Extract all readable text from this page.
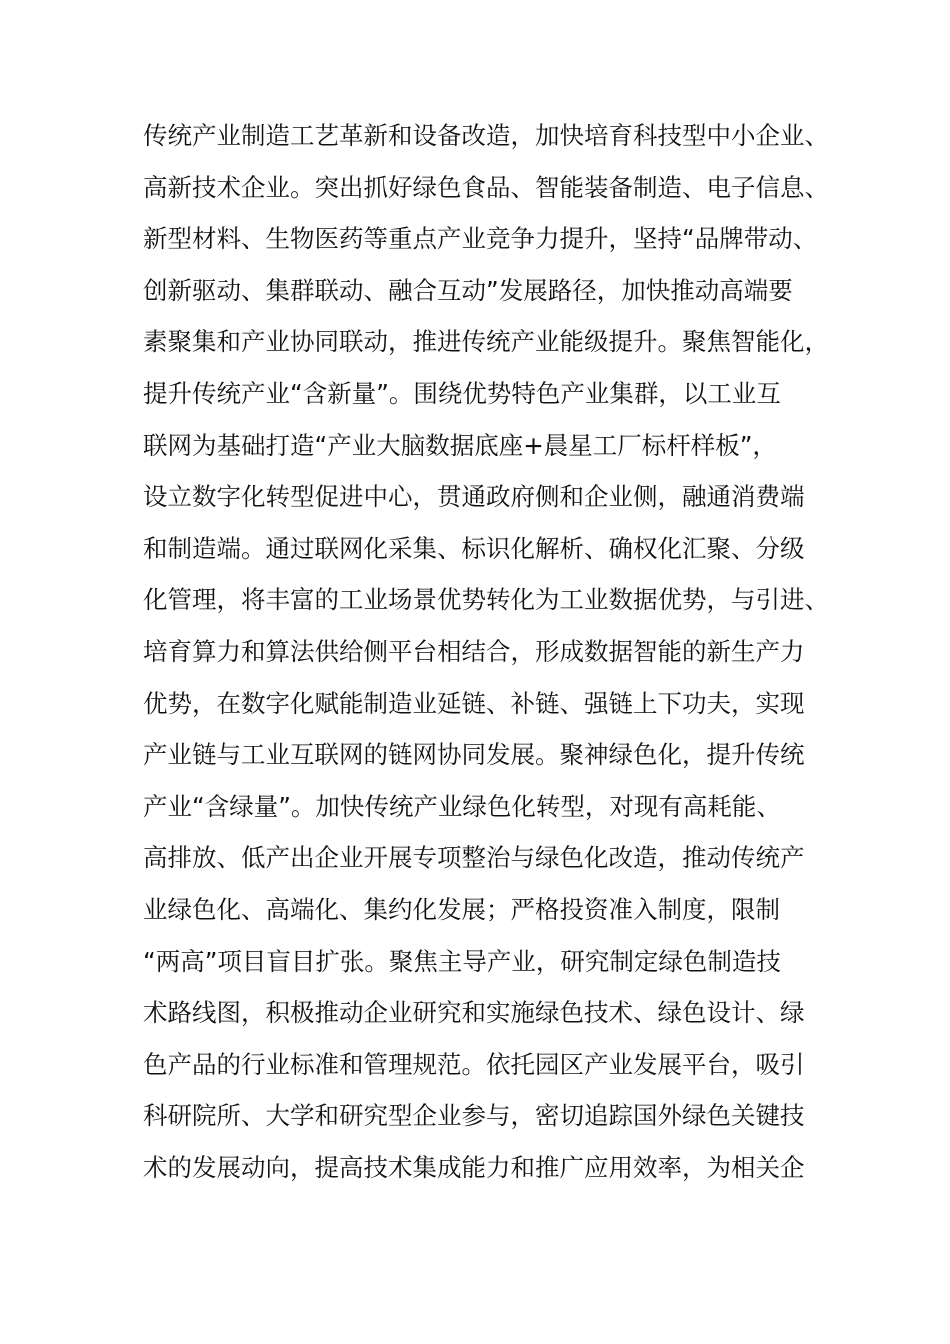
传统产业制造工艺革新和设备改造，加快培育科技型中小企业、
高新技术企业。突出抓好绿色食品、智能装备制造、电子信息、
新型材料、生物医药等重点产业竞争力提升，坚持“品牌带动、
创新驱动、集群联动、融合互动”发展路径，加快推动高端要
素聚集和产业协同联动，推进传统产业能级提升。聚焦智能化，
提升传统产业“含新量”。围绕优势特色产业集群，以工业互
联网为基础打造“产业大脑数据底座+晨星工厂标杆样板”，
设立数字化转型促进中心，贯通政府侧和企业侧，融通消费端
和制造端。通过联网化采集、标识化解析、确权化汇聚、分级
化管理，将丰富的工业场景优势转化为工业数据优势，与引进、
培育算力和算法供给侧平台相结合，形成数据智能的新生产力
优势，在数字化赋能制造业延链、补链、强链上下功夫，实现
产业链与工业互联网的链网协同发展。聚神绿色化，提升传统
产业“含绿量”。加快传统产业绿色化转型，对现有高耗能、
高排放、低产出企业开展专项整治与绿色化改造，推动传统产
业绿色化、高端化、集约化发展；严格投资准入制度，限制
“两高”项目盲目扩张。聚焦主导产业，研究制定绿色制造技
术路线图，积极推动企业研究和实施绿色技术、绿色设计、绿
色产品的行业标准和管理规范。依托园区产业发展平台，吸引
科研院所、大学和研究型企业参与，密切追踪国外绿色关键技
术的发展动向，提高技术集成能力和推广应用效率，为相关企
